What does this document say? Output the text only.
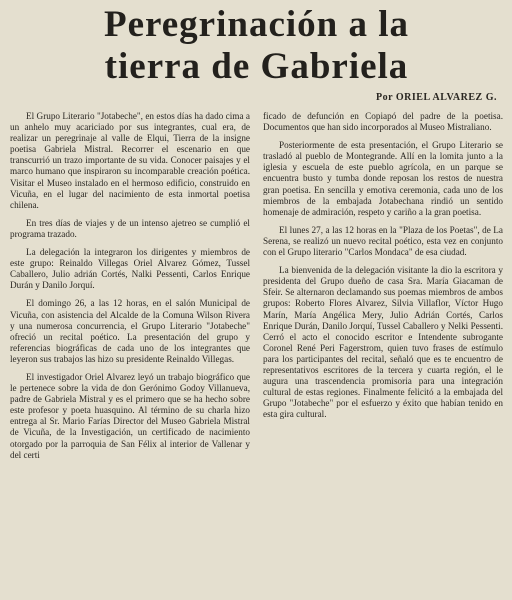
Peregrinación a la
tierra de Gabriela
Por ORIEL ALVAREZ G.

El Grupo Literario "Jotabeche", en estos días ha dado cima a un anhelo muy acariciado por sus integrantes, cual era, de realizar un peregrinaje al valle de Elqui, Tierra de la insigne poetisa Gabriela Mistral. Recorrer el escenario en que transcurrió un trazo importante de su vida. Conocer paisajes y el marco humano que inspiraron su incomparable creación poética. Visitar el Museo instalado en el hermoso edificio, construido en Vicuña, en el lugar del nacimiento de esta inmortal poetisa chilena.

En tres días de viajes y de un intenso ajetreo se cumplió el programa trazado.

La delegación la integraron los dirigentes y miembros de este grupo: Reinaldo Villegas Oriel Alvarez Gómez, Tussel Caballero, Julio adrián Cortés, Nalki Pessenti, Carlos Enrique Durán y Danilo Jorquí.

El domingo 26, a las 12 horas, en el salón Municipal de Vicuña, con asistencia del Alcalde de la Comuna Wilson Rivera y una numerosa concurrencia, el Grupo Literario "Jotabeche" ofreció un recital poético. La presentación del grupo y referencias biográficas de cada uno de los integrantes que leyeron sus trabajos las hizo su presidente Reinaldo Villegas.

El investigador Oriel Alvarez leyó un trabajo biográfico que le pertenece sobre la vida de don Gerónimo Godoy Villanueva, padre de Gabriela Mistral y es el primero que se ha hecho sobre este profesor y poeta huasquino. Al término de su charla hizo entrega al Sr. Mario Farías Director del Museo Gabriela Mistral de Vicuña, de la Investigación, un certificado de nacimiento otorgado por la parroquia de San Félix al interior de Vallenar y del certi

ficado de defunción en Copiapó del padre de la poetisa. Documentos que han sido incorporados al Museo Mistraliano.

Posteriormente de esta presentación, el Grupo Literario se trasladó al pueblo de Montegrande. Allí en la lomita junto a la iglesia y escuela de este pueblo agrícola, en un parque se encuentra busto y tumba donde reposan los restos de nuestra gran poetisa. En sencilla y emotiva ceremonia, cada uno de los miembros de la embajada Jotabechana rindió un sentido homenaje de admiración, respeto y cariño a la gran poetisa.

El lunes 27, a las 12 horas en la "Plaza de los Poetas", de La Serena, se realizó un nuevo recital poético, esta vez en conjunto con el Grupo literario "Carlos Mondaca" de esa ciudad.

La bienvenida de la delegación visitante la dio la escritora y presidenta del Grupo dueño de casa Sra. María Giacaman de Sfeir. Se alternaron declamando sus poemas miembros de ambos grupos: Roberto Flores Alvarez, Silvia Villaflor, Víctor Hugo Marín, María Angélica Mery, Julio Adrián Cortés, Carlos Enrique Durán, Danilo Jorquí, Tussel Caballero y Nelki Pessenti. Cerró el acto el conocido escritor e Intendente subrogante Coronel René Peri Fagerstrom, quien tuvo frases de estímulo para los participantes del recital, señaló que es te encuentro de representativos escritores de la tercera y cuarta región, el le augura una trascendencia promisoria para una integración cultural de estas regiones. Finalmente felicitó a la embajada del Grupo "Jotabeche" por el esfuerzo y éxito que habían tenido en esta gira cultural.
